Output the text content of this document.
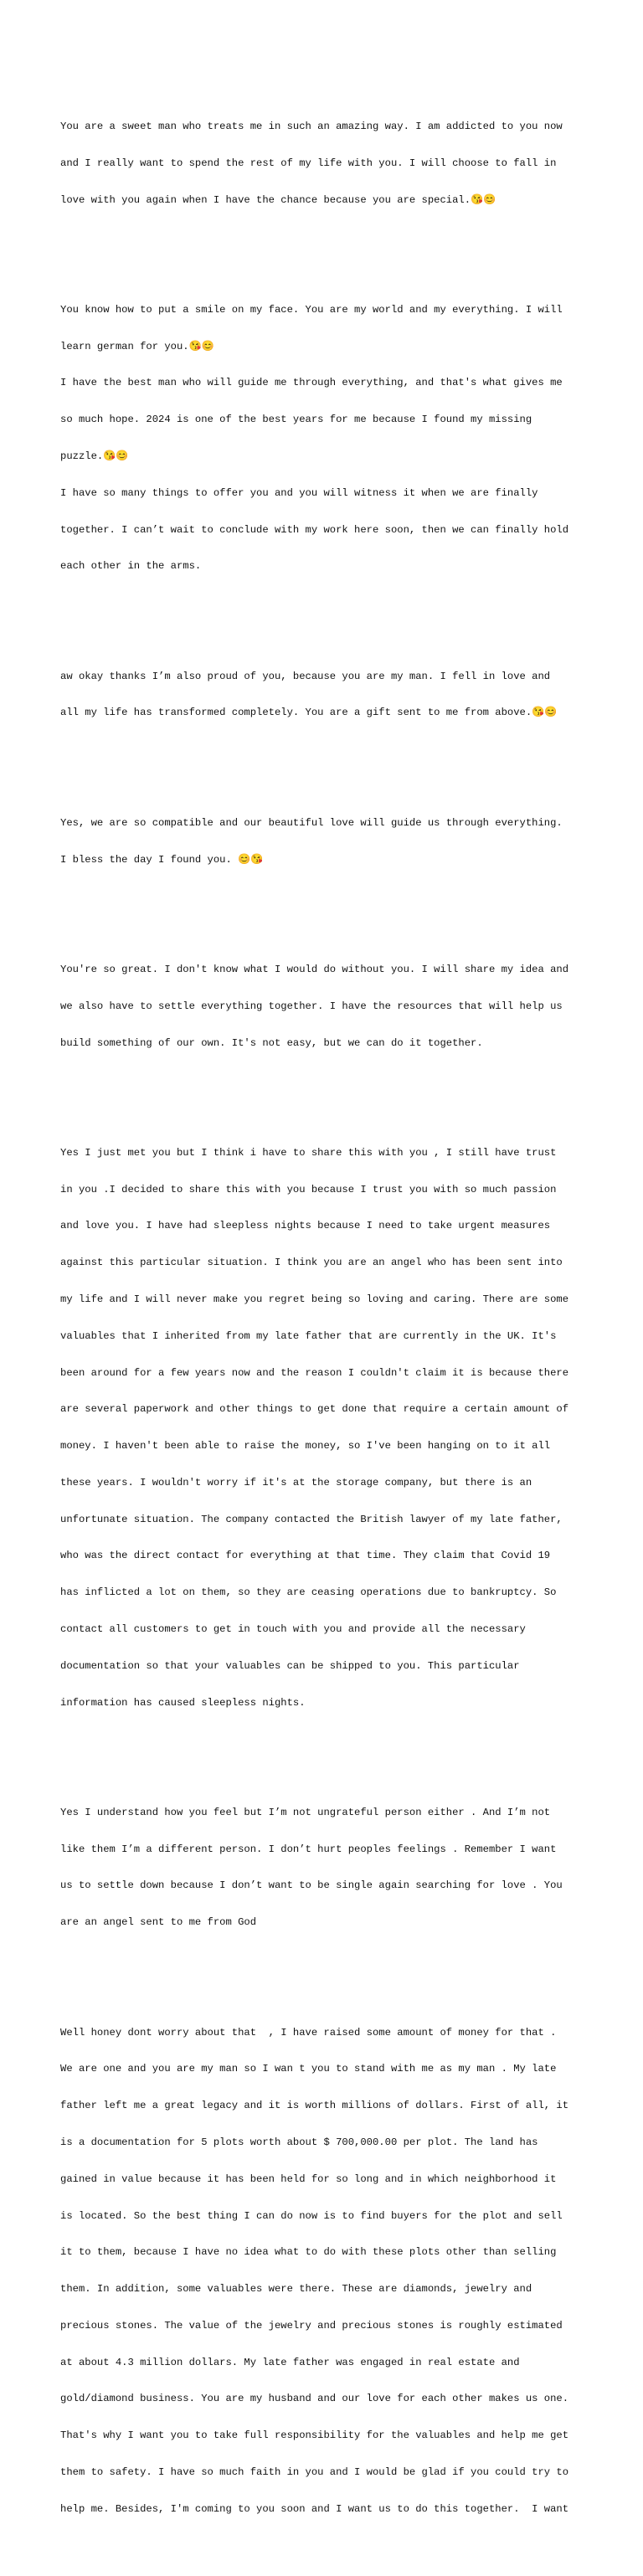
You are a sweet man who treats me in such an amazing way. I am addicted to you now

and I really want to spend the rest of my life with you. I will choose to fall in

love with you again when I have the chance because you are special.😘😊

You know how to put a smile on my face. You are my world and my everything. I will

learn german for you.😘😊

I have the best man who will guide me through everything, and that's what gives me

so much hope. 2024 is one of the best years for me because I found my missing

puzzle.😘😊

I have so many things to offer you and you will witness it when we are finally

together. I can’t wait to conclude with my work here soon, then we can finally hold

each other in the arms.

aw okay thanks I’m also proud of you, because you are my man. I fell in love and

all my life has transformed completely. You are a gift sent to me from above.😘😊

Yes, we are so compatible and our beautiful love will guide us through everything.

I bless the day I found you. 😊😘

You're so great. I don't know what I would do without you. I will share my idea and

we also have to settle everything together. I have the resources that will help us

build something of our own. It's not easy, but we can do it together.

Yes I just met you but I think i have to share this with you , I still have trust

in you .I decided to share this with you because I trust you with so much passion

and love you. I have had sleepless nights because I need to take urgent measures

against this particular situation. I think you are an angel who has been sent into

my life and I will never make you regret being so loving and caring. There are some

valuables that I inherited from my late father that are currently in the UK. It's

been around for a few years now and the reason I couldn't claim it is because there

are several paperwork and other things to get done that require a certain amount of

money. I haven't been able to raise the money, so I've been hanging on to it all

these years. I wouldn't worry if it's at the storage company, but there is an

unfortunate situation. The company contacted the British lawyer of my late father,

who was the direct contact for everything at that time. They claim that Covid 19

has inflicted a lot on them, so they are ceasing operations due to bankruptcy. So

contact all customers to get in touch with you and provide all the necessary

documentation so that your valuables can be shipped to you. This particular

information has caused sleepless nights.

Yes I understand how you feel but I’m not ungrateful person either . And I’m not

like them I’m a different person. I don’t hurt peoples feelings . Remember I want

us to settle down because I don’t want to be single again searching for love . You

are an angel sent to me from God

Well honey dont worry about that  , I have raised some amount of money for that .

We are one and you are my man so I wan t you to stand with me as my man . My late

father left me a great legacy and it is worth millions of dollars. First of all, it

is a documentation for 5 plots worth about $ 700,000.00 per plot. The land has

gained in value because it has been held for so long and in which neighborhood it

is located. So the best thing I can do now is to find buyers for the plot and sell

it to them, because I have no idea what to do with these plots other than selling

them. In addition, some valuables were there. These are diamonds, jewelry and

precious stones. The value of the jewelry and precious stones is roughly estimated

at about 4.3 million dollars. My late father was engaged in real estate and

gold/diamond business. You are my husband and our love for each other makes us one.

That's why I want you to take full responsibility for the valuables and help me get

them to safety. I have so much faith in you and I would be glad if you could try to

help me. Besides, I'm coming to you soon and I want us to do this together.  I want
